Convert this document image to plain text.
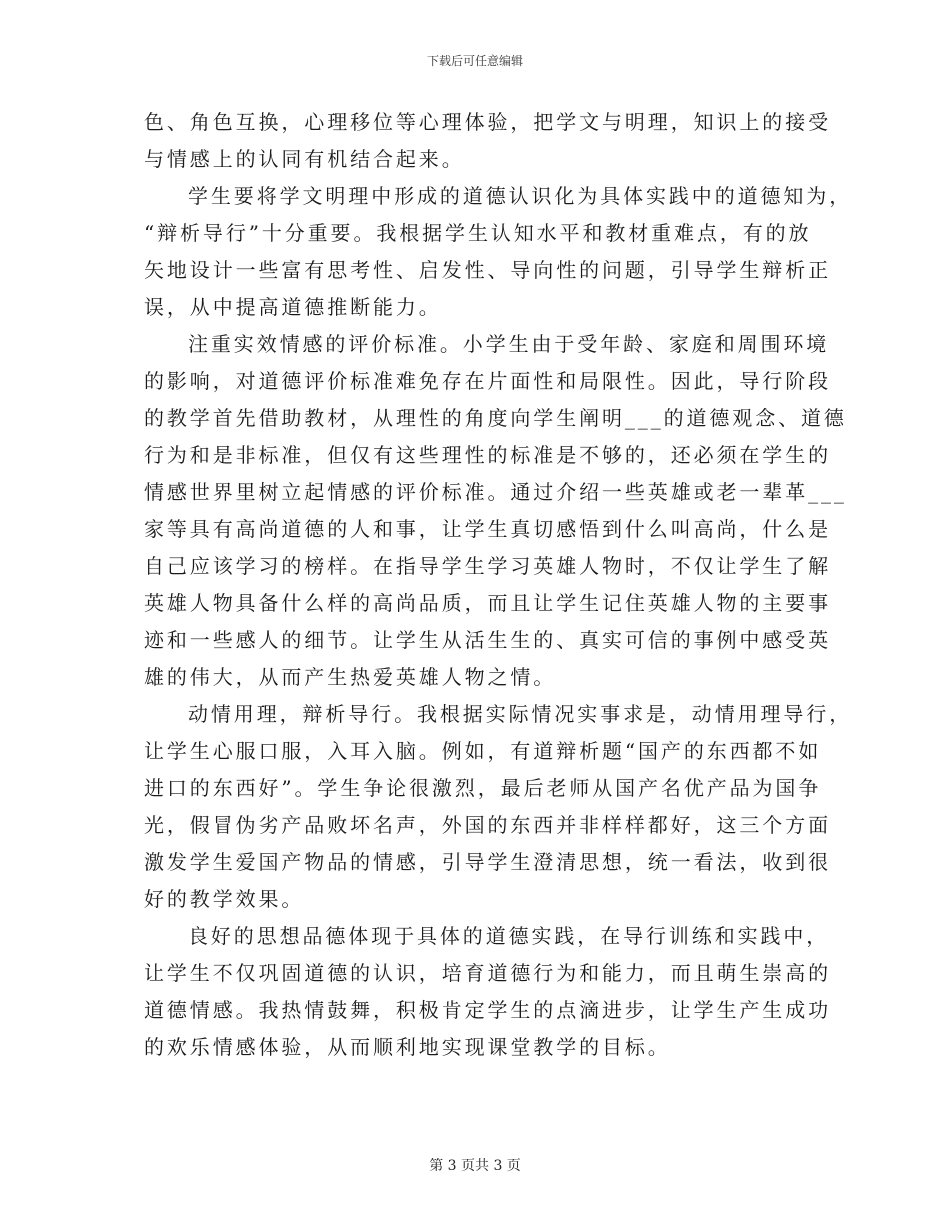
下载后可任意编辑
色、角色互换，心理移位等心理体验，把学文与明理，知识上的接受
与情感上的认同有机结合起来。
学生要将学文明理中形成的道德认识化为具体实践中的道德知为，
“辩析导行”十分重要。我根据学生认知水平和教材重难点，有的放
矢地设计一些富有思考性、启发性、导向性的问题，引导学生辩析正
误，从中提高道德推断能力。
注重实效情感的评价标准。小学生由于受年龄、家庭和周围环境
的影响，对道德评价标准难免存在片面性和局限性。因此，导行阶段
的教学首先借助教材，从理性的角度向学生阐明___的道德观念、道德
行为和是非标准，但仅有这些理性的标准是不够的，还必须在学生的
情感世界里树立起情感的评价标准。通过介绍一些英雄或老一辈革___
家等具有高尚道德的人和事，让学生真切感悟到什么叫高尚，什么是
自己应该学习的榜样。在指导学生学习英雄人物时，不仅让学生了解
英雄人物具备什么样的高尚品质，而且让学生记住英雄人物的主要事
迹和一些感人的细节。让学生从活生生的、真实可信的事例中感受英
雄的伟大，从而产生热爱英雄人物之情。
动情用理，辩析导行。我根据实际情况实事求是，动情用理导行，
让学生心服口服，入耳入脑。例如，有道辩析题“国产的东西都不如
进口的东西好”。学生争论很激烈，最后老师从国产名优产品为国争
光，假冒伪劣产品败坏名声，外国的东西并非样样都好，这三个方面
激发学生爱国产物品的情感，引导学生澄清思想，统一看法，收到很
好的教学效果。
良好的思想品德体现于具体的道德实践，在导行训练和实践中，
让学生不仅巩固道德的认识，培育道德行为和能力，而且萌生崇高的
道德情感。我热情鼓舞，积极肯定学生的点滴进步，让学生产生成功
的欢乐情感体验，从而顺利地实现课堂教学的目标。
第 3 页共 3 页
